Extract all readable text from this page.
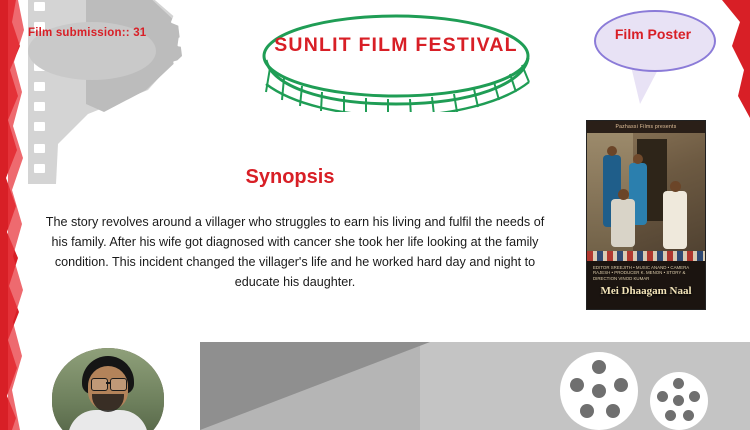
Film submission:: 31
SUNLIT FILM FESTIVAL	Film Poster
Synopsis
The story revolves around a villager who struggles to earn his living and fulfil the needs of his family. After his wife got diagnosed with cancer she took her life looking at the family condition. This incident changed the villager's life and he worked hard day and night to educate his daughter.
Pazhassi Films presents
EDITOR SREEJITH • MUSIC ANAND • CAMERA RAJESH • PRODUCER K. MENON • STORY & DIRECTION VINOD KUMAR
Mei Dhaagam Naal
